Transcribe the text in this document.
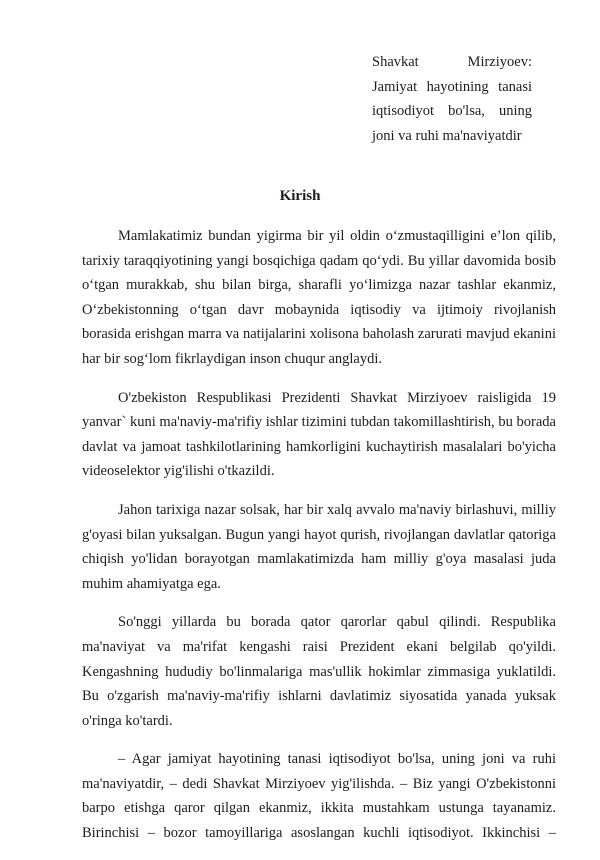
Shavkat Mirziyoev: Jamiyat hayotining tanasi iqtisodiyot bo'lsa, uning joni va ruhi ma'naviyatdir
Kirish

Mamlakatimiz bundan yigirma bir yil oldin o‘zmustaqilligini e’lon qilib, tarixiy taraqqiyotining yangi bosqichiga qadam qo‘ydi. Bu yillar davomida bosib o‘tgan murakkab, shu bilan birga, sharafli yo‘limizga nazar tashlar ekanmiz, O‘zbekistonning o‘tgan davr mobaynida iqtisodiy va ijtimoiy rivojlanish borasida erishgan marra va natijalarini xolisona baholash zarurati mavjud ekanini har bir sog‘lom fikrlaydigan inson chuqur anglaydi.

O'zbekiston Respublikasi Prezidenti Shavkat Mirziyoev raisligida 19 yanvar` kuni ma'naviy-ma'rifiy ishlar tizimini tubdan takomillashtirish, bu borada davlat va jamoat tashkilotlarining hamkorligini kuchaytirish masalalari bo'yicha videoselektor yig'ilishi o'tkazildi.

Jahon tarixiga nazar solsak, har bir xalq avvalo ma'naviy birlashuvi, milliy g'oyasi bilan yuksalgan. Bugun yangi hayot qurish, rivojlangan davlatlar qatoriga chiqish yo'lidan borayotgan mamlakatimizda ham milliy g'oya masalasi juda muhim ahamiyatga ega.

So'nggi yillarda bu borada qator qarorlar qabul qilindi. Respublika ma'naviyat va ma'rifat kengashi raisi Prezident ekani belgilab qo'yildi. Kengashning hududiy bo'linmalariga mas'ullik hokimlar zimmasiga yuklatildi. Bu o'zgarish ma'naviy-ma'rifiy ishlarni davlatimiz siyosatida yanada yuksak o'ringa ko'tardi.

– Agar jamiyat hayotining tanasi iqtisodiyot bo'lsa, uning joni va ruhi ma'naviyatdir, – dedi Shavkat Mirziyoev yig'ilishda. – Biz yangi O'zbekistonni barpo etishga qaror qilgan ekanmiz, ikkita mustahkam ustunga tayanamiz. Birinchisi – bozor tamoyillariga asoslangan kuchli iqtisodiyot. Ikkinchisi –
